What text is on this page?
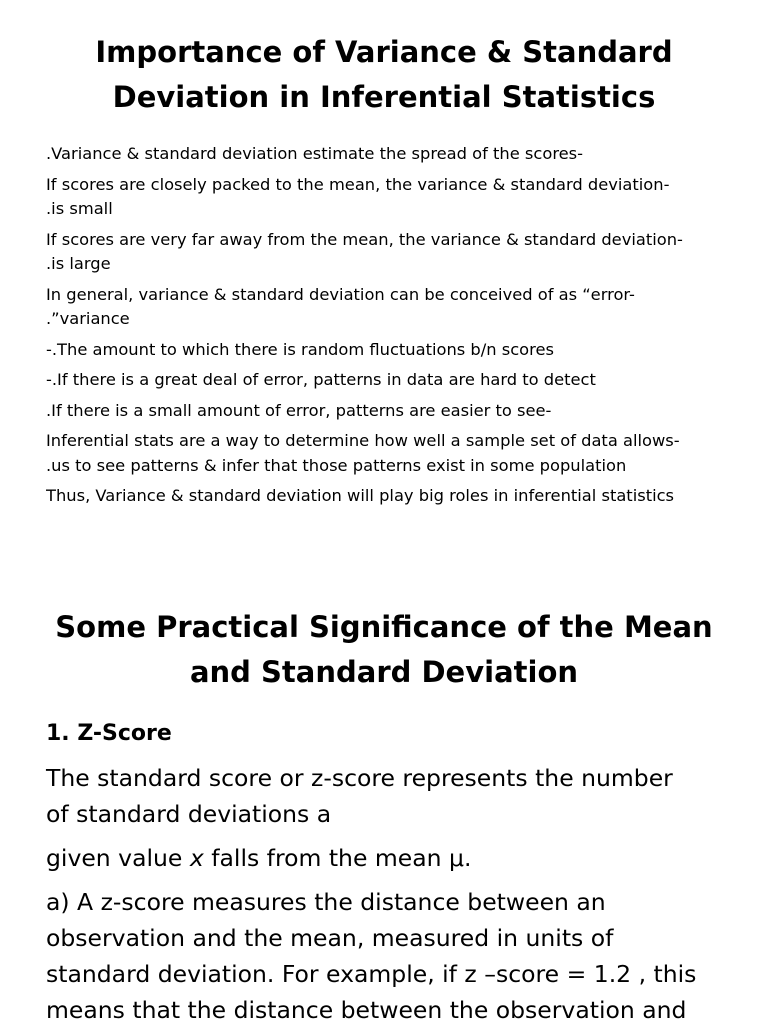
Importance of Variance & Standard
Deviation in Inferential Statistics
.Variance & standard deviation estimate the spread of the scores-
If scores are closely packed to the mean, the variance & standard deviation-
.is small
If scores are very far away from the mean, the variance & standard deviation-
.is large
In general, variance & standard deviation can be conceived of as “error-
.”variance
-.The amount to which there is random fluctuations b/n scores
-.If there is a great deal of error, patterns in data are hard to detect
.If there is a small amount of error, patterns are easier to see-
Inferential stats are a way to determine how well a sample set of data allows-
.us to see patterns & infer that those patterns exist in some population
Thus, Variance & standard deviation will play big roles in inferential statistics
Some Practical Significance of the Mean
and Standard Deviation
1. Z-Score

The standard score or z-score represents the number
of standard deviations a

given value x falls from the mean μ.

a) A z-score measures the distance between an
observation and the mean, measured in units of
standard deviation. For example, if z –score = 1.2 , this
means that the distance between the observation and
